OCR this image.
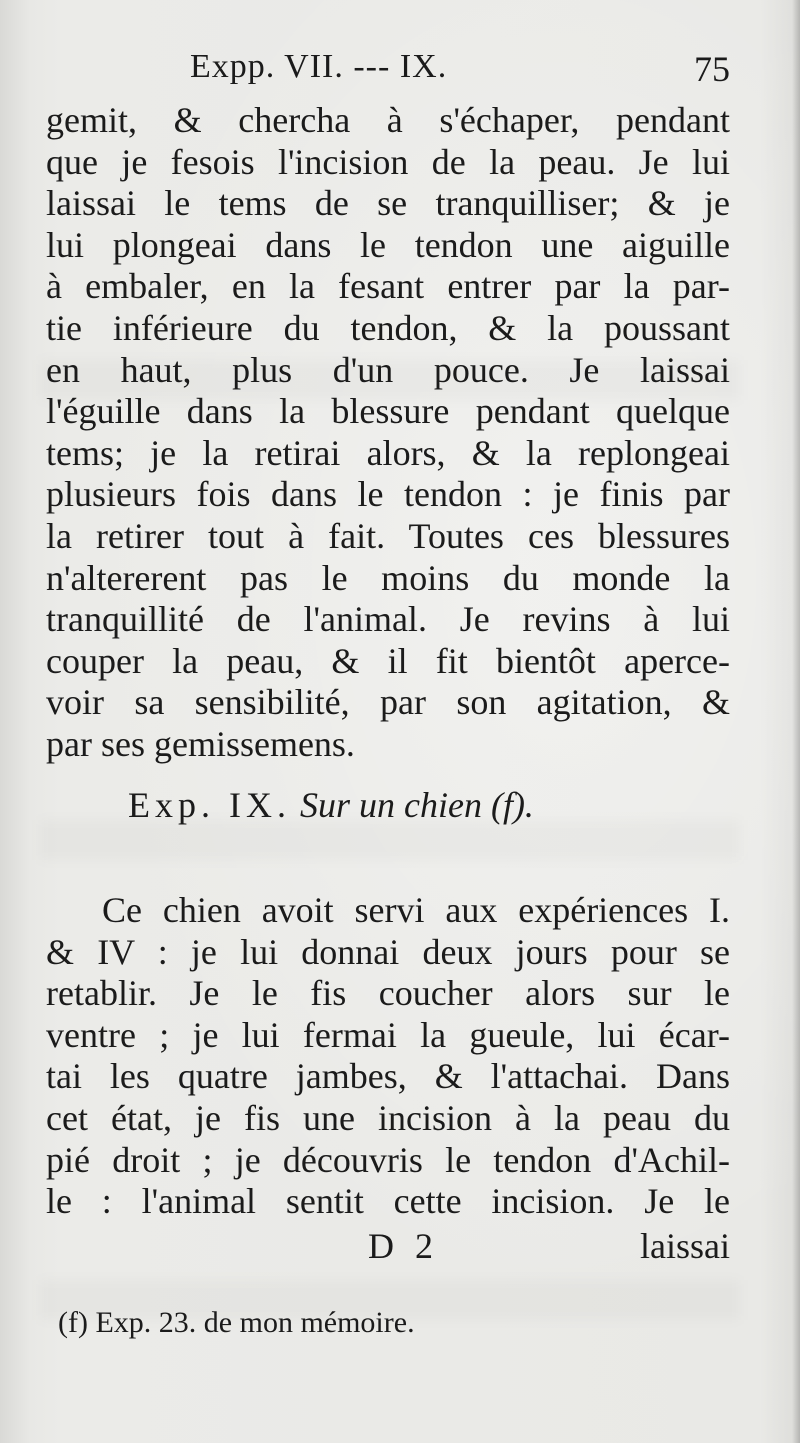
Expp. VII. --- IX.	75
gemit, & chercha à s'échaper, pendant
que je fesois l'incision de la peau. Je lui
laissai le tems de se tranquilliser; & je
lui plongeai dans le tendon une aiguille
à embaler, en la fesant entrer par la par-
tie inférieure du tendon, & la poussant
en haut, plus d'un pouce. Je laissai
l'éguille dans la blessure pendant quelque
tems; je la retirai alors, & la replongeai
plusieurs fois dans le tendon : je finis par
la retirer tout à fait. Toutes ces blessures
n'altererent pas le moins du monde la
tranquillité de l'animal. Je revins à lui
couper la peau, & il fit bientôt aperce-
voir sa sensibilité, par son agitation, &
par ses gemissemens.
Exp. IX. Sur un chien (f).
Ce chien avoit servi aux expériences I.
& IV : je lui donnai deux jours pour se
retablir. Je le fis coucher alors sur le
ventre ; je lui fermai la gueule, lui écar-
tai les quatre jambes, & l'attachai. Dans
cet état, je fis une incision à la peau du
pié droit ; je découvris le tendon d'Achil-
le : l'animal sentit cette incision. Je le
D 2	laissai
(f) Exp. 23. de mon mémoire.
